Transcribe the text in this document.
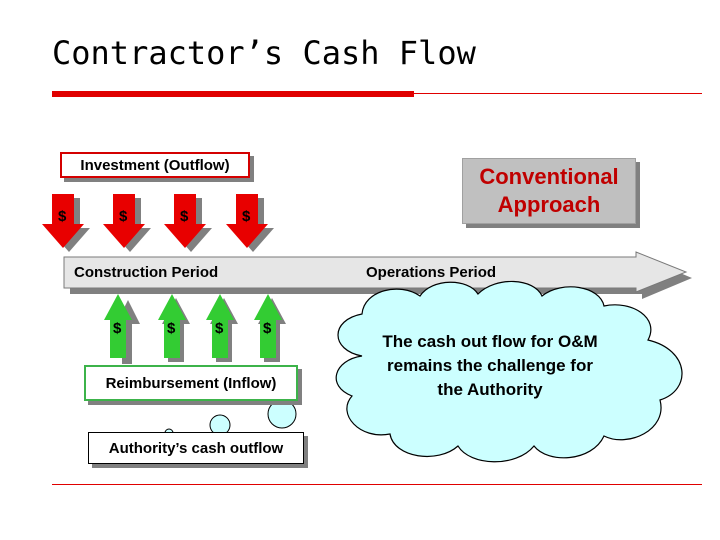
Contractor’s Cash Flow
Investment (Outflow)	Conventional Approach
$	$	$	$
Construction Period	Operations Period
$	$	$	$
Reimbursement (Inflow)
Authority’s cash outflow
The cash out flow for O&M remains the challenge for the Authority
